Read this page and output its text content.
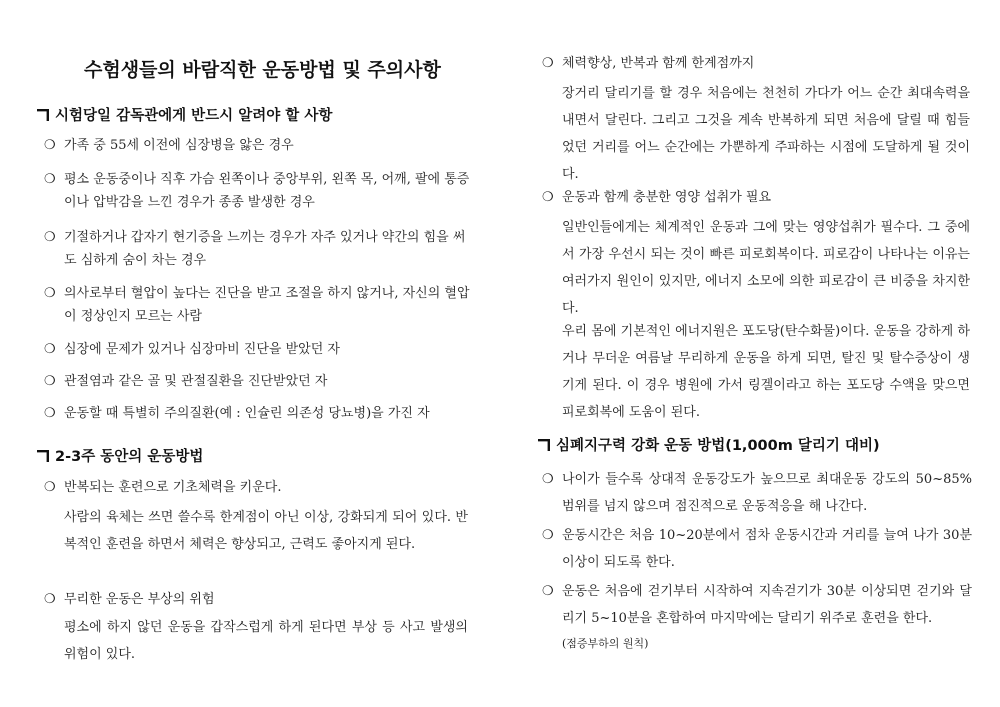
수험생들의 바람직한 운동방법 및 주의사항
시험당일 감독관에게 반드시 알려야 할 사항
❍ 가족 중 55세 이전에 심장병을 앓은 경우
❍ 평소 운동중이나 직후 가슴 왼쪽이나 중앙부위, 왼쪽 목, 어깨, 팔에 통증이나 압박감을 느낀 경우가 종종 발생한 경우
❍ 기절하거나 갑자기 현기증을 느끼는 경우가 자주 있거나 약간의 힘을 써도 심하게 숨이 차는 경우
❍ 의사로부터 혈압이 높다는 진단을 받고 조절을 하지 않거나, 자신의 혈압이 정상인지 모르는 사람
❍ 심장에 문제가 있거나 심장마비 진단을 받았던 자
❍ 관절염과 같은 골 및 관절질환을 진단받았던 자
❍ 운동할 때 특별히 주의질환(예 : 인슐린 의존성 당뇨병)을 가진 자
2-3주 동안의 운동방법
❍ 반복되는 훈련으로 기초체력을 키운다.
사람의 육체는 쓰면 쓸수록 한계점이 아닌 이상, 강화되게 되어 있다. 반복적인 훈련을 하면서 체력은 향상되고, 근력도 좋아지게 된다.
❍ 무리한 운동은 부상의 위험
평소에 하지 않던 운동을 갑작스럽게 하게 된다면 부상 등 사고 발생의 위험이 있다.
❍ 체력향상, 반복과 함께 한계점까지
장거리 달리기를 할 경우 처음에는 천천히 가다가 어느 순간 최대속력을 내면서 달린다. 그리고 그것을 계속 반복하게 되면 처음에 달릴 때 힘들었던 거리를 어느 순간에는 가뿐하게 주파하는 시점에 도달하게 될 것이다.
❍ 운동과 함께 충분한 영양 섭취가 필요
일반인들에게는 체계적인 운동과 그에 맞는 영양섭취가 필수다. 그 중에서 가장 우선시 되는 것이 빠른 피로회복이다. 피로감이 나타나는 이유는 여러가지 원인이 있지만, 에너지 소모에 의한 피로감이 큰 비중을 차지한다.
우리 몸에 기본적인 에너지원은 포도당(탄수화물)이다. 운동을 강하게 하거나 무더운 여름날 무리하게 운동을 하게 되면, 탈진 및 탈수증상이 생기게 된다. 이 경우 병원에 가서 링겔이라고 하는 포도당 수액을 맞으면 피로회복에 도움이 된다.
심폐지구력 강화 운동 방법(1,000m 달리기 대비)
❍ 나이가 들수록 상대적 운동강도가 높으므로 최대운동 강도의 50~85%범위를 넘지 않으며 점진적으로 운동적응을 해 나간다.
❍ 운동시간은 처음 10~20분에서 점차 운동시간과 거리를 늘여 나가 30분 이상이 되도록 한다.
❍ 운동은 처음에 걷기부터 시작하여 지속걷기가 30분 이상되면 걷기와 달리기 5~10분을 혼합하여 마지막에는 달리기 위주로 훈련을 한다.
(점증부하의 원칙)
